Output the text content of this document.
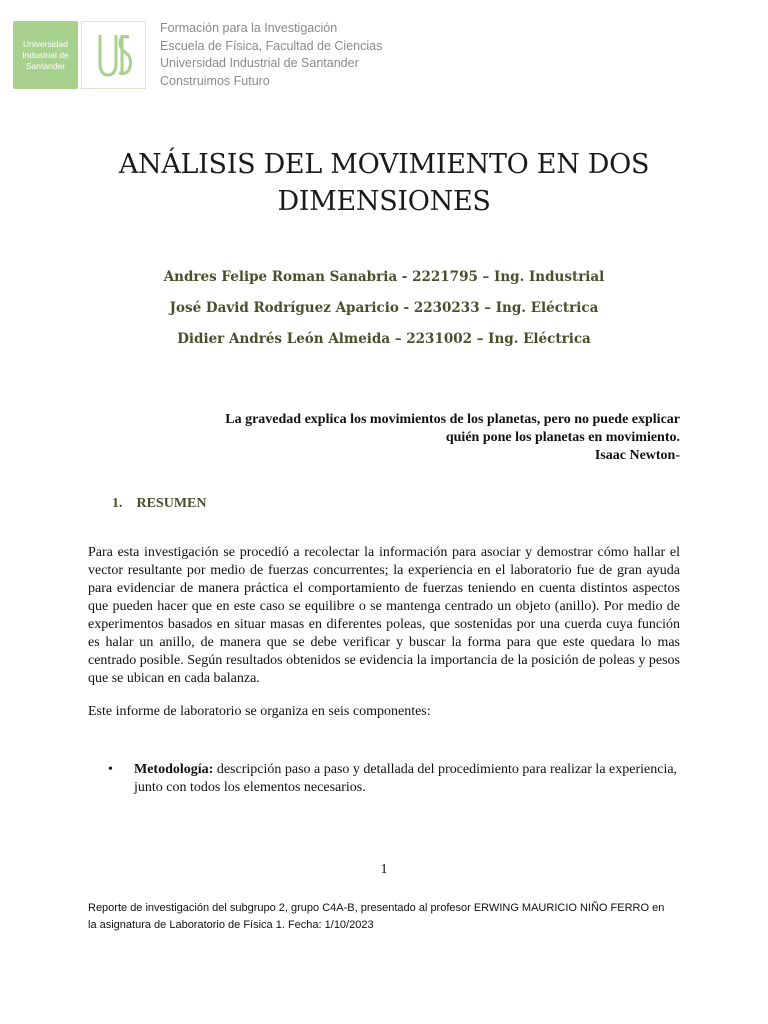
Universidad
Industrial de
Santander
Formación para la Investigación
Escuela de Física, Facultad de Ciencias
Universidad Industrial de Santander
Construimos Futuro
ANÁLISIS DEL MOVIMIENTO EN DOS
DIMENSIONES
Andres Felipe Roman Sanabria - 2221795 – Ing. Industrial
José David Rodríguez Aparicio - 2230233 – Ing. Eléctrica
Didier Andrés León Almeida – 2231002 – Ing. Eléctrica
La gravedad explica los movimientos de los planetas, pero no puede explicar
quién pone los planetas en movimiento.
Isaac Newton-
1. RESUMEN
Para esta investigación se procedió a recolectar la información para asociar y demostrar cómo hallar el vector resultante por medio de fuerzas concurrentes; la experiencia en el laboratorio fue de gran ayuda para evidenciar de manera práctica el comportamiento de fuerzas teniendo en cuenta distintos aspectos que pueden hacer que en este caso se equilibre o se mantenga centrado un objeto (anillo). Por medio de experimentos basados en situar masas en diferentes poleas, que sostenidas por una cuerda cuya función es halar un anillo, de manera que se debe verificar y buscar la forma para que este quedara lo mas centrado posible. Según resultados obtenidos se evidencia la importancia de la posición de poleas y pesos que se ubican en cada balanza.
Este informe de laboratorio se organiza en seis componentes:
•	Metodología: descripción paso a paso y detallada del procedimiento para realizar la experiencia, junto con todos los elementos necesarios.
1
Reporte de investigación del subgrupo 2, grupo C4A-B, presentado al profesor ERWING MAURICIO NIÑO FERRO en
la asignatura de Laboratorio de Física 1. Fecha: 1/10/2023
